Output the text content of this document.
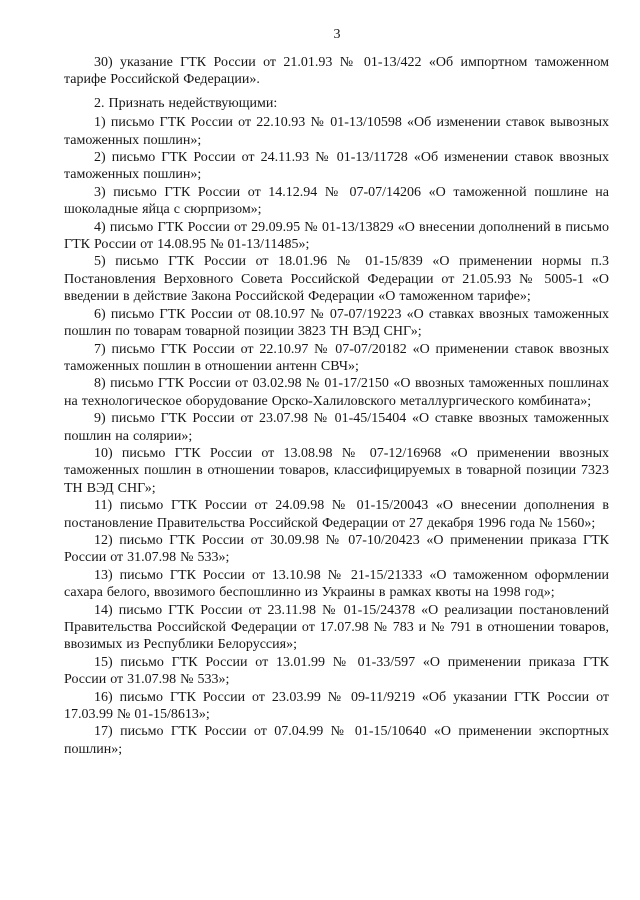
3

30) указание ГТК России от 21.01.93 № 01-13/422 «Об импортном таможенном тарифе Российской Федерации».

2. Признать недействующими:

1) письмо ГТК России от 22.10.93 № 01-13/10598 «Об изменении ставок вывозных таможенных пошлин»;

2) письмо ГТК России от 24.11.93 № 01-13/11728 «Об изменении ставок ввозных таможенных пошлин»;

3) письмо ГТК России от 14.12.94 № 07-07/14206 «О таможенной пошлине на шоколадные яйца с сюрпризом»;

4) письмо ГТК России от 29.09.95 № 01-13/13829 «О внесении дополнений в письмо ГТК России от 14.08.95 № 01-13/11485»;

5) письмо ГТК России от 18.01.96 № 01-15/839 «О применении нормы п.3 Постановления Верховного Совета Российской Федерации от 21.05.93 № 5005-1 «О введении в действие Закона Российской Федерации «О таможенном тарифе»;

6) письмо ГТК России от 08.10.97 № 07-07/19223 «О ставках ввозных таможенных пошлин по товарам товарной позиции 3823 ТН ВЭД СНГ»;

7) письмо ГТК России от 22.10.97 № 07-07/20182 «О применении ставок ввозных таможенных пошлин в отношении антенн СВЧ»;

8) письмо ГТК России от 03.02.98 № 01-17/2150 «О ввозных таможенных пошлинах на технологическое оборудование Орско-Халиловского металлургического комбината»;

9) письмо ГТК России от 23.07.98 № 01-45/15404 «О ставке ввозных таможенных пошлин на солярии»;

10) письмо ГТК России от 13.08.98 № 07-12/16968 «О применении ввозных таможенных пошлин в отношении товаров, классифицируемых в товарной позиции 7323 ТН ВЭД СНГ»;

11) письмо ГТК России от 24.09.98 № 01-15/20043 «О внесении дополнения в постановление Правительства Российской Федерации от 27 декабря 1996 года № 1560»;

12) письмо ГТК России от 30.09.98 № 07-10/20423 «О применении приказа ГТК России от 31.07.98 № 533»;

13) письмо ГТК России от 13.10.98 № 21-15/21333 «О таможенном оформлении сахара белого, ввозимого беспошлинно из Украины в рамках квоты на 1998 год»;

14) письмо ГТК России от 23.11.98 № 01-15/24378 «О реализации постановлений Правительства Российской Федерации от 17.07.98 № 783 и № 791 в отношении товаров, ввозимых из Республики Белоруссия»;

15) письмо ГТК России от 13.01.99 № 01-33/597 «О применении приказа ГТК России от 31.07.98 № 533»;

16) письмо ГТК России от 23.03.99 № 09-11/9219 «Об указании ГТК России от 17.03.99 № 01-15/8613»;

17) письмо ГТК России от 07.04.99 № 01-15/10640 «О применении экспортных пошлин»;
